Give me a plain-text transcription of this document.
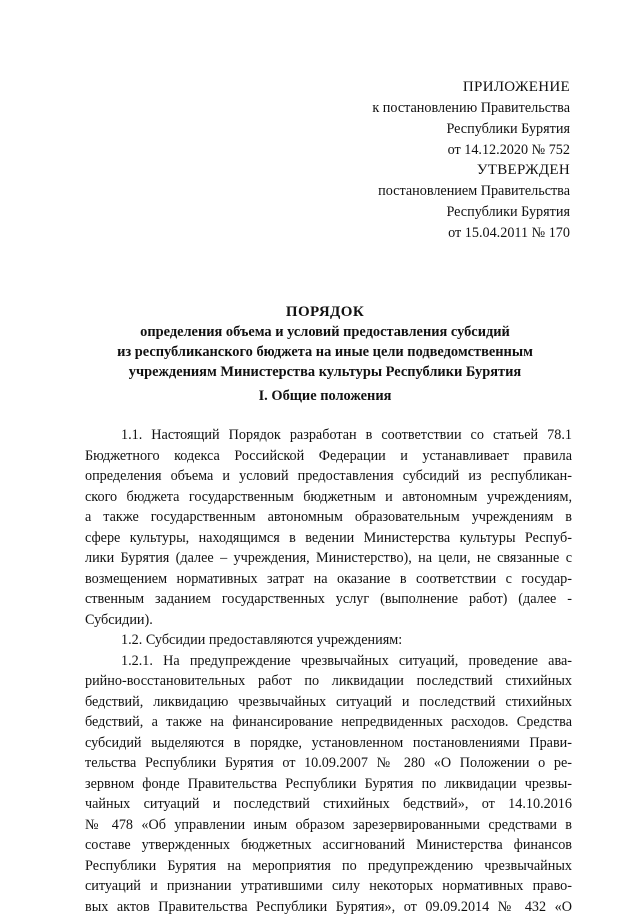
ПРИЛОЖЕНИЕ
к постановлению Правительства
Республики Бурятия
от 14.12.2020 № 752
УТВЕРЖДЕН
постановлением Правительства
Республики Бурятия
от 15.04.2011 № 170
ПОРЯДОК
определения объема и условий предоставления субсидий
из республиканского бюджета на иные цели подведомственным
учреждениям Министерства культуры Республики Бурятия
I. Общие положения
1.1. Настоящий Порядок разработан в соответствии со статьей 78.1
Бюджетного кодекса Российской Федерации и устанавливает правила
определения объема и условий предоставления субсидий из республикан-
ского бюджета государственным бюджетным и автономным учреждениям,
а также государственным автономным образовательным учреждениям в
сфере культуры, находящимся в ведении Министерства культуры Респуб-
лики Бурятия (далее – учреждения, Министерство), на цели, не связанные с
возмещением нормативных затрат на оказание в соответствии с государ-
ственным заданием государственных услуг (выполнение работ) (далее -
Субсидии).
1.2. Субсидии предоставляются учреждениям:
1.2.1. На предупреждение чрезвычайных ситуаций, проведение ава-
рийно-восстановительных работ по ликвидации последствий стихийных
бедствий, ликвидацию чрезвычайных ситуаций и последствий стихийных
бедствий, а также на финансирование непредвиденных расходов. Средства
субсидий выделяются в порядке, установленном постановлениями Прави-
тельства Республики Бурятия от 10.09.2007 № 280 «О Положении о ре-
зервном фонде Правительства Республики Бурятия по ликвидации чрезвы-
чайных ситуаций и последствий стихийных бедствий», от 14.10.2016
№ 478 «Об управлении иным образом зарезервированными средствами в
составе утвержденных бюджетных ассигнований Министерства финансов
Республики Бурятия на мероприятия по предупреждению чрезвычайных
ситуаций и признании утратившими силу некоторых нормативных право-
вых актов Правительства Республики Бурятия», от 09.09.2014 № 432 «О
